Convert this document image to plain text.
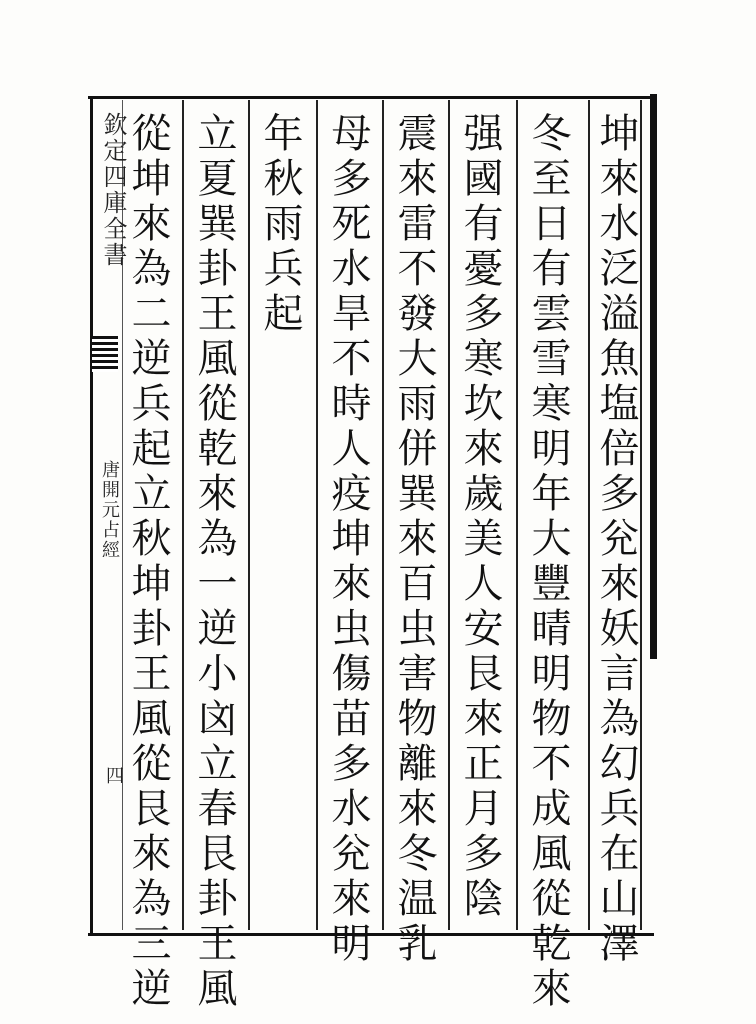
欽定四庫全書
唐開元占經
四
坤來水泛溢魚塩倍多兊來妖言為幻兵在山澤
冬至日有雲雪寒明年大豐晴明物不成風從乾來
强國有憂多寒坎來歲美人安艮來正月多陰
震來雷不發大雨併巽來百虫害物離來冬温乳
母多死水旱不時人疫坤來虫傷苗多水兊來明
年秋雨兵起
立夏巽卦王風從乾來為一逆小㓙立春艮卦王風
從坤來為二逆兵起立秋坤卦王風從艮來為三逆
